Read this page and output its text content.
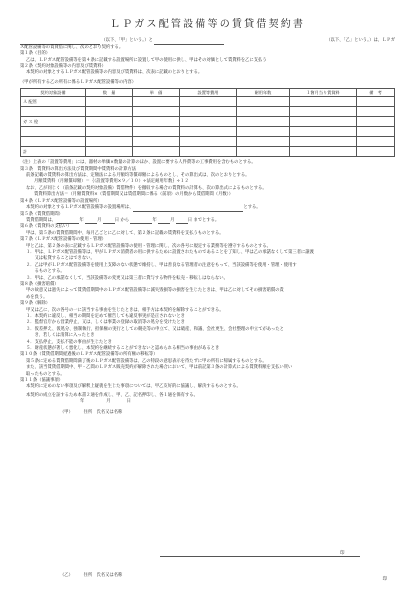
ＬＰガス配管設備等の賃貸借契約書
（以下、「甲」という。）と	（以下、「乙」という。）は、ＬＰガ
ス配管設備等の賃貸借に関し、次のとおり契約する。
第１条（目的）
乙は、ＬＰガス配管設備等を第４条に記載する設置場所に設置して甲の使用に供し、甲はその対価として賃貸料を乙に支払う
第２条（契約対象設備等の内容及び賃貸料）
本契約の対象とするＬＰガス配管設備等の内容及び賃貸料は、次表に記載のとおりとする。
（甲が所有する乙の所有に係るＬＰガス配管設備等の内容）
契約対象設備	数　量	単　価	設置等費用	耐用年数	１箇月当り賃貸料	備　考
Ａ 配管						

ガ ス 栓						

計						
（注）上表の「設置等費用」には、器材の単価×数量の計算のほか、設置に要する人件費等の工事費用を含むものとする。
第３条　賃貸料の算出方法及び賃貸期間中賃貸料の計算方法
前条記載の賃貸料の算出方法は、定額法による月額均等償却額によるものとし、その算出式は、次のとおりとする。
月額賃貸料（月額償却額）＝｛（設置等費用×９／１０）÷法定耐用年数｝÷１２
なお、乙が同じく（前条記載の契約対象設備）賃借物件）を撤収する場合の賃貸料の計算も、次の算出式によるものとする。
賃貸料算出方法＝（月額賃貸料×（賃借期間又は賃借期間に係る（前項）の月数から賃借期間（月数））
第４条（ＬＰガス配管設備等の設置場所）
本契約の対象とするＬＰガス配管設備等の設置場所は、	とする。
第５条（賃貸借期間）
賃貸借期間は、	年	月	日 から	年	月	日 までとする。
第６条（賃貸料の支払い）
甲は、第５条の賃貸借期間中、毎月乙ごとに乙に対して、第２条に記載の賃貸料を支払うものとする。
第７条（ＬＰガス配管設備等の使用・管理）
甲と乙は、第２条の表に記載するＬＰガス配管設備等の使用・管理に関し、次の各号に規定する業務等を遵守するものとする。
１．甲は、ＬＰガス配管設備等は、甲がＬＰガス消費者の用に供するために設置されたものであることを了知し、甲は乙の承諾なくして第三者に譲渡
　　又は転貸することはできない。
２．乙は甲がＬＰガス配管設備等を使用上支障のない状態で維持し、甲は善良なる管理者の注意をもって、当該設備等を使用・管理・使用す
　　るものとする。
３．甲は、乙の承諾なくして、当該設備等の変更又は第三者に貸与する物件を転売・移転しはならない。
第８条（損害賠償）
甲の故意又は過失によって賃貸借期間中のＬＰガス配管設備等に減失毀損等の損害を生じたときは、甲は乙に対してその損害賠償の責
めを負う。
第９条（解除）
甲又は乙に、次の各号の一に該当する事由を生じたときは、相手方は本契約を解除することができる。
１．本契約に違反し、相当の期間を定めて催告しても違反事実が是正されないとき
２．監督官庁から営業停止、又は、しくは事業の登録の取消等の処分を受けたとき
３．仮差押え、仮処分、強制執行、担保権の実行としての競売等の申立て、又は破産、和議、会社更生、会社整理の申立てがあったと
　　き、若しくは清算に入ったとき
４．支払停止、支払不能の事由が生じたとき
５．財産状態が著しく悪化し、本契約を継続することができないと認められる相当の事由があるとき
第１０条（賃貸借期間経過後のＬＰガス配管設備等の所有権の移転等）
第５条に定める賃貸借期間満了後のＬＰガス配管設備等は、乙の特段の意思表示を待たずに甲の所有に帰属するものとする。
また、該当賃貸借期間中、甲・乙間のＬＰガス販売契約が解除された場合において、甲は前記第３条の計算式による賃貸料額を支払い買い
取ったものとする。
第１１条（協議事項）
本契約に定めのない事項及び解釈上疑義を生じた事項については、甲乙友好的に協議し、解決するものとする。
本契約の成立を証するため本書２通を作成し、甲、乙、記名押印し、各１通を保有する。
年	月	日
（甲）	住所　氏名又は名称
印
（乙）	住所　氏名又は名称
印
